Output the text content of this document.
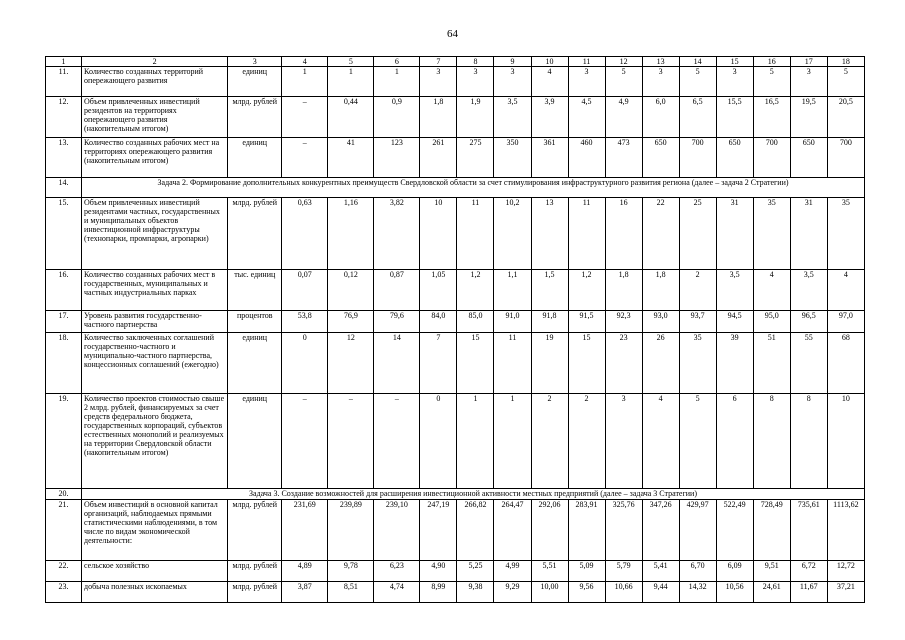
64
1	2	3	4	5	6	7	8	9	10	11	12	13	14	15	16	17	18
11.	Количество созданных территорий опережающего развития	единиц	1	1	1	3	3	3	4	3	5	3	5	3	5	3	5
12.	Объем привлеченных инвестиций резидентов на территориях опережающего развития (накопительным итогом)	млрд. рублей	–	0,44	0,9	1,8	1,9	3,5	3,9	4,5	4,9	6,0	6,5	15,5	16,5	19,5	20,5
13.	Количество созданных рабочих мест на территориях опережающего развития (накопительным итогом)	единиц	–	41	123	261	275	350	361	460	473	650	700	650	700	650	700
14.	Задача 2. Формирование дополнительных конкурентных преимуществ Свердловской области за счет стимулирования инфраструктурного развития региона (далее – задача 2 Стратегии)																
15.	Объем привлеченных инвестиций резидентами частных, государственных и муниципальных объектов инвестиционной инфраструктуры (технопарки, промпарки, агропарки)	млрд. рублей	0,63	1,16	3,82	10	11	10,2	13	11	16	22	25	31	35	31	35
16.	Количество созданных рабочих мест в государственных, муниципальных и частных индустриальных парках	тыс. единиц	0,07	0,12	0,87	1,05	1,2	1,1	1,5	1,2	1,8	1,8	2	3,5	4	3,5	4
17.	Уровень развития государственно-частного партнерства	процентов	53,8	76,9	79,6	84,0	85,0	91,0	91,8	91,5	92,3	93,0	93,7	94,5	95,0	96,5	97,0
18.	Количество заключенных соглашений государственно-частного и муниципально-частного партнерства, концессионных соглашений (ежегодно)	единиц	0	12	14	7	15	11	19	15	23	26	35	39	51	55	68
19.	Количество проектов стоимостью свыше 2 млрд. рублей, финансируемых за счет средств федерального бюджета, государственных корпораций, субъектов естественных монополий и реализуемых на территории Свердловской области (накопительным итогом)	единиц	–	–	–	0	1	1	2	2	3	4	5	6	8	8	10
20.	Задача 3. Создание возможностей для расширения инвестиционной активности местных предприятий (далее – задача 3 Стратегии)																
21.	Объем инвестиций в основной капитал организаций, наблюдаемых прямыми статистическими наблюдениями, в том числе по видам экономической деятельности:	млрд. рублей	231,69	239,89	239,10	247,19	266,82	264,47	292,06	283,91	325,76	347,26	429,97	522,49	728,49	735,61	1113,62
22.	сельское хозяйство	млрд. рублей	4,89	9,78	6,23	4,90	5,25	4,99	5,51	5,09	5,79	5,41	6,70	6,09	9,51	6,72	12,72
23.	добыча полезных ископаемых	млрд. рублей	3,87	8,51	4,74	8,99	9,38	9,29	10,00	9,56	10,66	9,44	14,32	10,56	24,61	11,67	37,21
